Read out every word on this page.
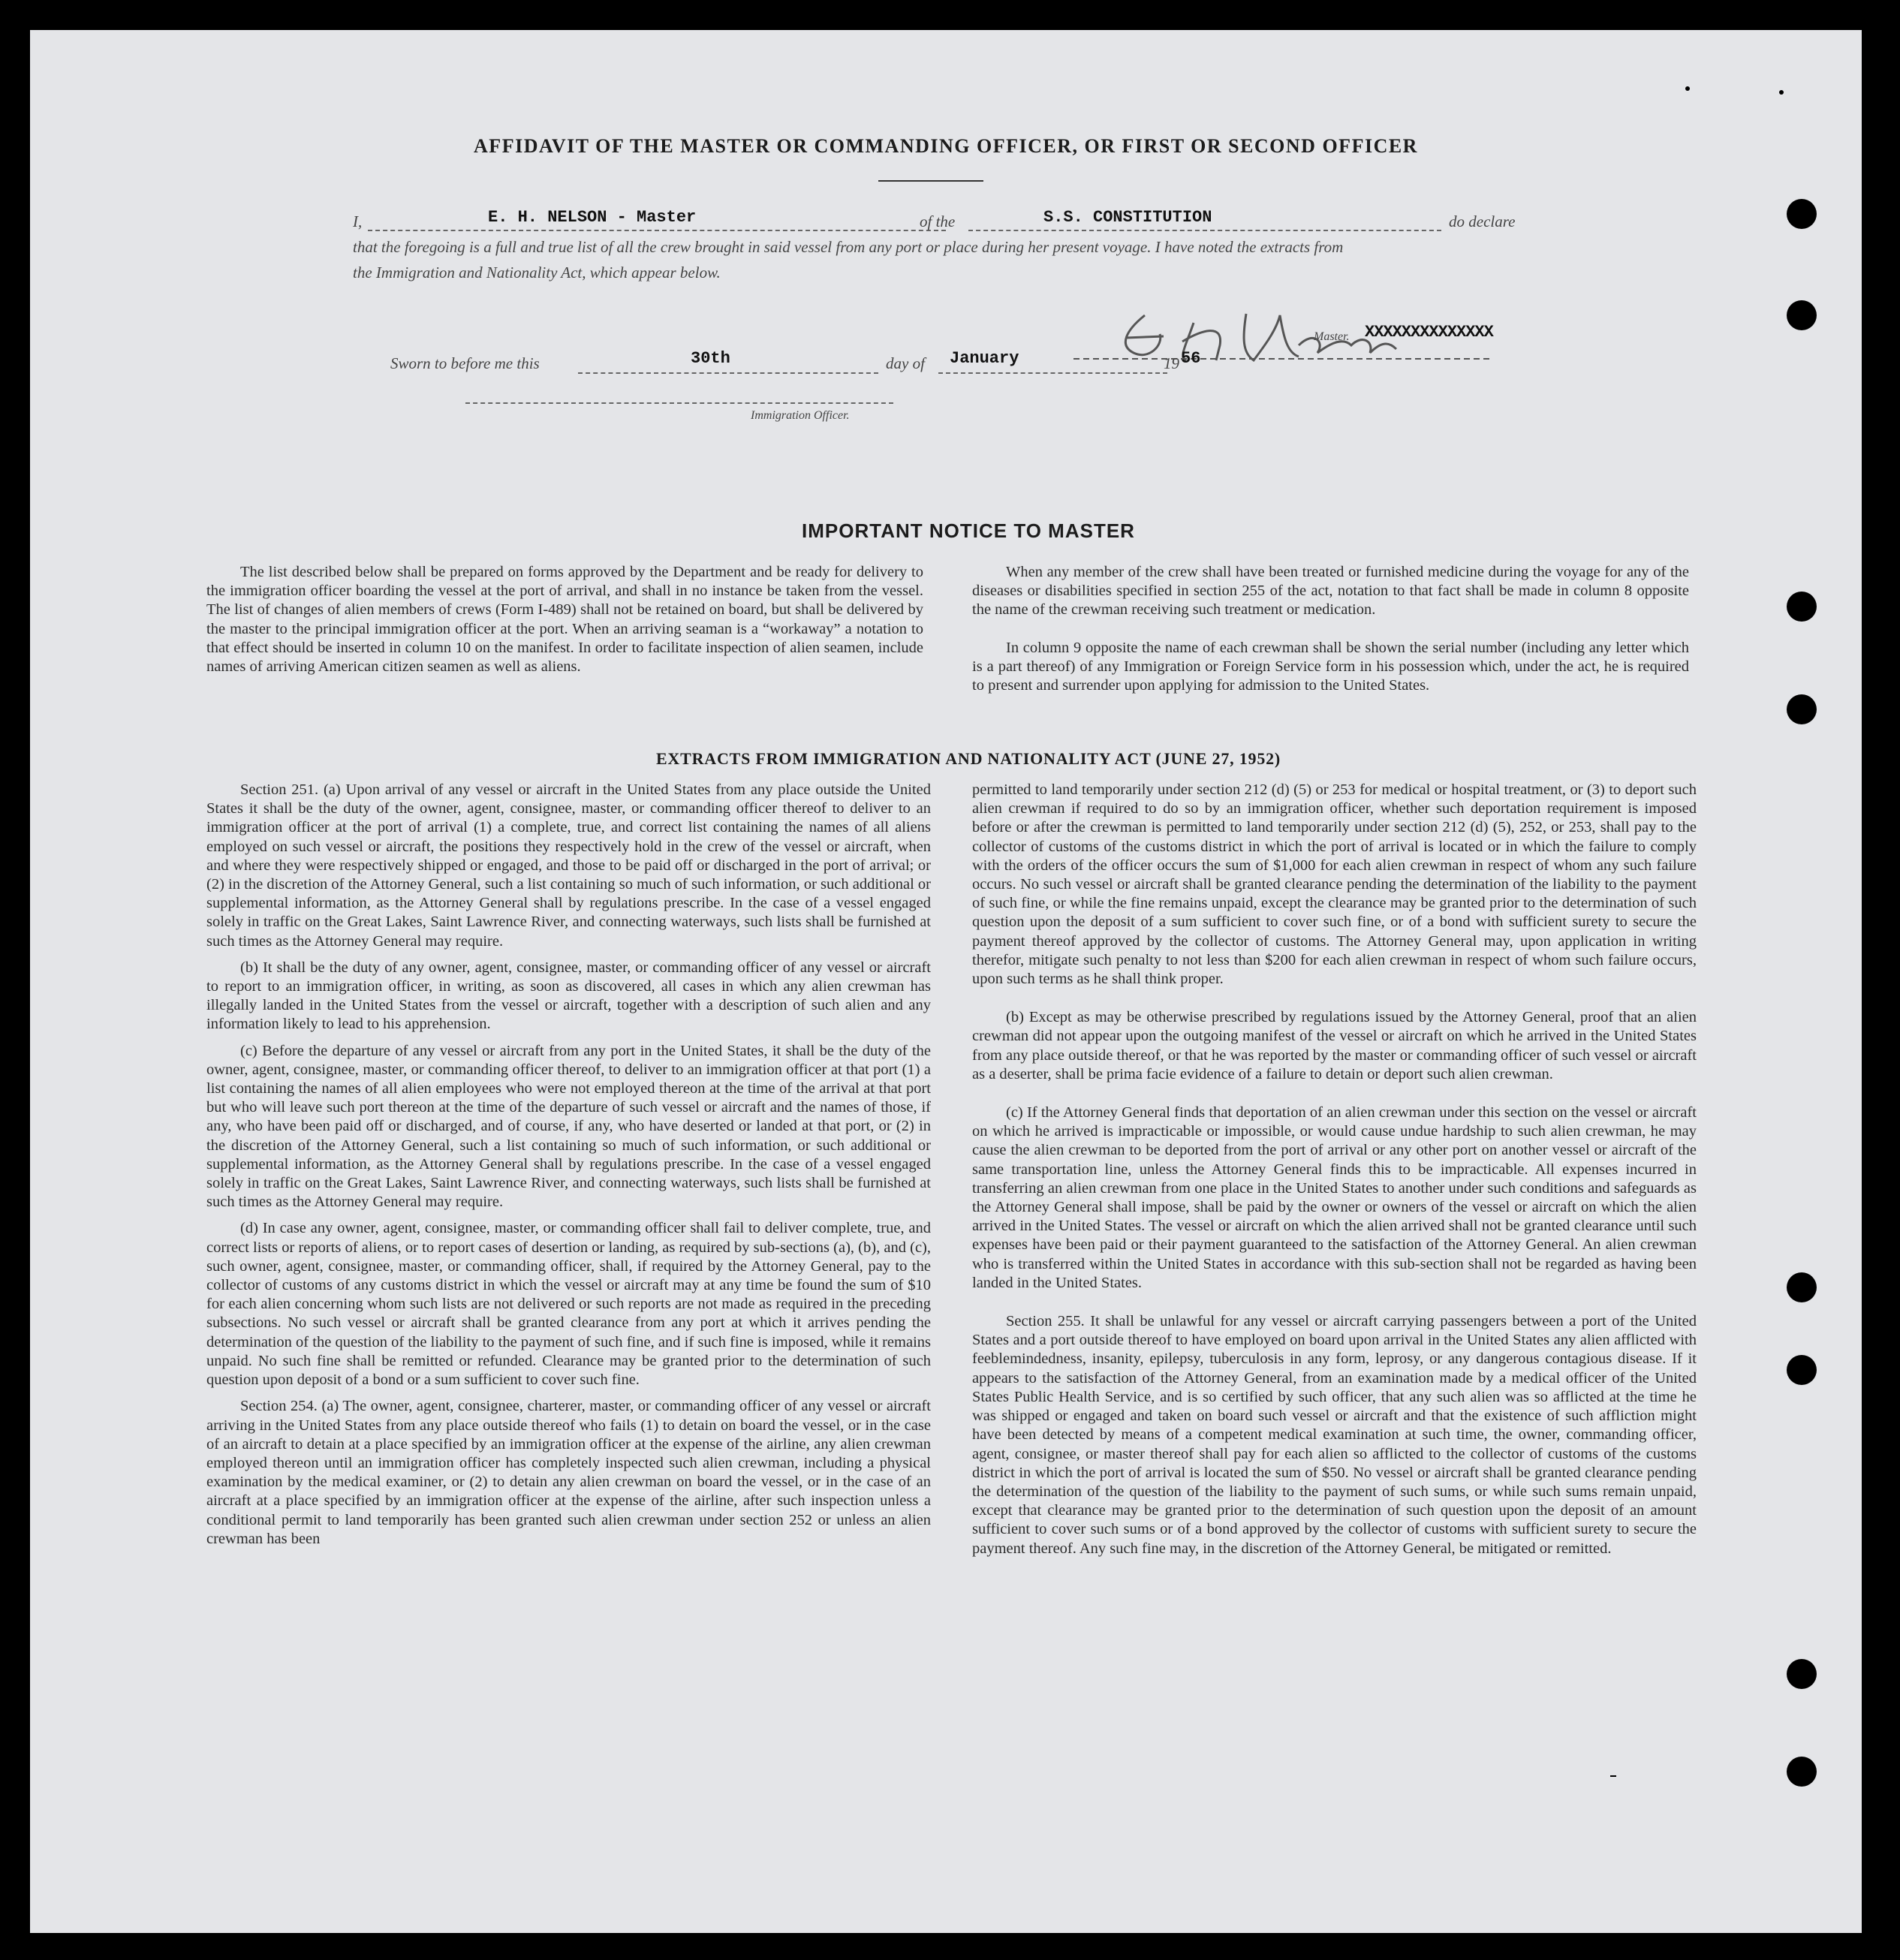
AFFIDAVIT OF THE MASTER OR COMMANDING OFFICER, OR FIRST OR SECOND OFFICER
I,	E. H. NELSON - Master	of the	S.S. CONSTITUTION	do declare
that the foregoing is a full and true list of all the crew brought in said vessel from any port or place during her present voyage. I have noted the extracts from
the Immigration and Nationality Act, which appear below.
Master. XXXXXXXXXXXXXX
Sworn to before me this	30th	day of January	19 56
Immigration Officer.
IMPORTANT NOTICE TO MASTER
The list described below shall be prepared on forms approved by the Department and be ready for delivery to the immigration officer boarding the vessel at the port of arrival, and shall in no instance be taken from the vessel. The list of changes of alien members of crews (Form I-489) shall not be retained on board, but shall be delivered by the master to the principal immigration officer at the port. When an arriving seaman is a “workaway” a notation to that effect should be inserted in column 10 on the manifest. In order to facilitate inspection of alien seamen, include names of arriving American citizen seamen as well as aliens.
When any member of the crew shall have been treated or furnished medicine during the voyage for any of the diseases or disabilities specified in section 255 of the act, notation to that fact shall be made in column 8 opposite the name of the crewman receiving such treatment or medication.
In column 9 opposite the name of each crewman shall be shown the serial number (including any letter which is a part thereof) of any Immigration or Foreign Service form in his possession which, under the act, he is required to present and surrender upon applying for admission to the United States.
EXTRACTS FROM IMMIGRATION AND NATIONALITY ACT (JUNE 27, 1952)

Section 251. (a) Upon arrival of any vessel or aircraft in the United States from any place outside the United States it shall be the duty of the owner, agent, consignee, master, or commanding officer thereof to deliver to an immigration officer at the port of arrival (1) a complete, true, and correct list containing the names of all aliens employed on such vessel or aircraft, the positions they respectively hold in the crew of the vessel or aircraft, when and where they were respectively shipped or engaged, and those to be paid off or discharged in the port of arrival; or (2) in the discretion of the Attorney General, such a list containing so much of such information, or such additional or supplemental information, as the Attorney General shall by regulations prescribe. In the case of a vessel engaged solely in traffic on the Great Lakes, Saint Lawrence River, and connecting waterways, such lists shall be furnished at such times as the Attorney General may require.

(b) It shall be the duty of any owner, agent, consignee, master, or commanding officer of any vessel or aircraft to report to an immigration officer, in writing, as soon as discovered, all cases in which any alien crewman has illegally landed in the United States from the vessel or aircraft, together with a description of such alien and any information likely to lead to his apprehension.

(c) Before the departure of any vessel or aircraft from any port in the United States, it shall be the duty of the owner, agent, consignee, master, or commanding officer thereof, to deliver to an immigration officer at that port (1) a list containing the names of all alien employees who were not employed thereon at the time of the arrival at that port but who will leave such port thereon at the time of the departure of such vessel or aircraft and the names of those, if any, who have been paid off or discharged, and of course, if any, who have deserted or landed at that port, or (2) in the discretion of the Attorney General, such a list containing so much of such information, or such additional or supplemental information, as the Attorney General shall by regulations prescribe. In the case of a vessel engaged solely in traffic on the Great Lakes, Saint Lawrence River, and connecting waterways, such lists shall be furnished at such times as the Attorney General may require.

(d) In case any owner, agent, consignee, master, or commanding officer shall fail to deliver complete, true, and correct lists or reports of aliens, or to report cases of desertion or landing, as required by sub-sections (a), (b), and (c), such owner, agent, consignee, master, or commanding officer, shall, if required by the Attorney General, pay to the collector of customs of any customs district in which the vessel or aircraft may at any time be found the sum of $10 for each alien concerning whom such lists are not delivered or such reports are not made as required in the preceding subsections. No such vessel or aircraft shall be granted clearance from any port at which it arrives pending the determination of the question of the liability to the payment of such fine, and if such fine is imposed, while it remains unpaid. No such fine shall be remitted or refunded. Clearance may be granted prior to the determination of such question upon deposit of a bond or a sum sufficient to cover such fine.

Section 254. (a) The owner, agent, consignee, charterer, master, or commanding officer of any vessel or aircraft arriving in the United States from any place outside thereof who fails (1) to detain on board the vessel, or in the case of an aircraft to detain at a place specified by an immigration officer at the expense of the airline, any alien crewman employed thereon until an immigration officer has completely inspected such alien crewman, including a physical examination by the medical examiner, or (2) to detain any alien crewman on board the vessel, or in the case of an aircraft at a place specified by an immigration officer at the expense of the airline, after such inspection unless a conditional permit to land temporarily has been granted such alien crewman under section 252 or unless an alien crewman has been

permitted to land temporarily under section 212 (d) (5) or 253 for medical or hospital treatment, or (3) to deport such alien crewman if required to do so by an immigration officer, whether such deportation requirement is imposed before or after the crewman is permitted to land temporarily under section 212 (d) (5), 252, or 253, shall pay to the collector of customs of the customs district in which the port of arrival is located or in which the failure to comply with the orders of the officer occurs the sum of $1,000 for each alien crewman in respect of whom any such failure occurs. No such vessel or aircraft shall be granted clearance pending the determination of the liability to the payment of such fine, or while the fine remains unpaid, except the clearance may be granted prior to the determination of such question upon the deposit of a sum sufficient to cover such fine, or of a bond with sufficient surety to secure the payment thereof approved by the collector of customs. The Attorney General may, upon application in writing therefor, mitigate such penalty to not less than $200 for each alien crewman in respect of whom such failure occurs, upon such terms as he shall think proper.

(b) Except as may be otherwise prescribed by regulations issued by the Attorney General, proof that an alien crewman did not appear upon the outgoing manifest of the vessel or aircraft on which he arrived in the United States from any place outside thereof, or that he was reported by the master or commanding officer of such vessel or aircraft as a deserter, shall be prima facie evidence of a failure to detain or deport such alien crewman.

(c) If the Attorney General finds that deportation of an alien crewman under this section on the vessel or aircraft on which he arrived is impracticable or impossible, or would cause undue hardship to such alien crewman, he may cause the alien crewman to be deported from the port of arrival or any other port on another vessel or aircraft of the same transportation line, unless the Attorney General finds this to be impracticable. All expenses incurred in transferring an alien crewman from one place in the United States to another under such conditions and safeguards as the Attorney General shall impose, shall be paid by the owner or owners of the vessel or aircraft on which the alien arrived in the United States. The vessel or aircraft on which the alien arrived shall not be granted clearance until such expenses have been paid or their payment guaranteed to the satisfaction of the Attorney General. An alien crewman who is transferred within the United States in accordance with this sub-section shall not be regarded as having been landed in the United States.

Section 255. It shall be unlawful for any vessel or aircraft carrying passengers between a port of the United States and a port outside thereof to have employed on board upon arrival in the United States any alien afflicted with feeblemindedness, insanity, epilepsy, tuberculosis in any form, leprosy, or any dangerous contagious disease. If it appears to the satisfaction of the Attorney General, from an examination made by a medical officer of the United States Public Health Service, and is so certified by such officer, that any such alien was so afflicted at the time he was shipped or engaged and taken on board such vessel or aircraft and that the existence of such affliction might have been detected by means of a competent medical examination at such time, the owner, commanding officer, agent, consignee, or master thereof shall pay for each alien so afflicted to the collector of customs of the customs district in which the port of arrival is located the sum of $50. No vessel or aircraft shall be granted clearance pending the determination of the question of the liability to the payment of such sums, or while such sums remain unpaid, except that clearance may be granted prior to the determination of such question upon the deposit of an amount sufficient to cover such sums or of a bond approved by the collector of customs with sufficient surety to secure the payment thereof. Any such fine may, in the discretion of the Attorney General, be mitigated or remitted.
